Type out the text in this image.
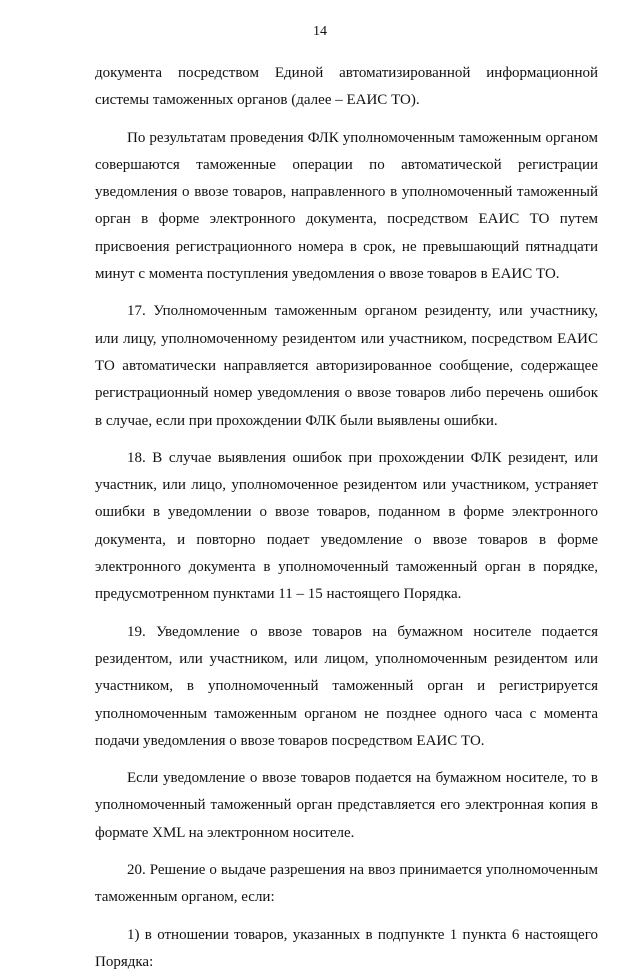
14

документа посредством Единой автоматизированной информационной системы таможенных органов (далее – ЕАИС ТО).

По результатам проведения ФЛК уполномоченным таможенным органом совершаются таможенные операции по автоматической регистрации уведомления о ввозе товаров, направленного в уполномоченный таможенный орган в форме электронного документа, посредством ЕАИС ТО путем присвоения регистрационного номера в срок, не превышающий пятнадцати минут с момента поступления уведомления о ввозе товаров в ЕАИС ТО.

17. Уполномоченным таможенным органом резиденту, или участнику, или лицу, уполномоченному резидентом или участником, посредством ЕАИС ТО автоматически направляется авторизированное сообщение, содержащее регистрационный номер уведомления о ввозе товаров либо перечень ошибок в случае, если при прохождении ФЛК были выявлены ошибки.

18. В случае выявления ошибок при прохождении ФЛК резидент, или участник, или лицо, уполномоченное резидентом или участником, устраняет ошибки в уведомлении о ввозе товаров, поданном в форме электронного документа, и повторно подает уведомление о ввозе товаров в форме электронного документа в уполномоченный таможенный орган в порядке, предусмотренном пунктами 11 – 15 настоящего Порядка.

19. Уведомление о ввозе товаров на бумажном носителе подается резидентом, или участником, или лицом, уполномоченным резидентом или участником, в уполномоченный таможенный орган и регистрируется уполномоченным таможенным органом не позднее одного часа с момента подачи уведомления о ввозе товаров посредством ЕАИС ТО.

Если уведомление о ввозе товаров подается на бумажном носителе, то в уполномоченный таможенный орган представляется его электронная копия в формате XML на электронном носителе.

20. Решение о выдаче разрешения на ввоз принимается уполномоченным таможенным органом, если:

1) в отношении товаров, указанных в подпункте 1 пункта 6 настоящего Порядка:
